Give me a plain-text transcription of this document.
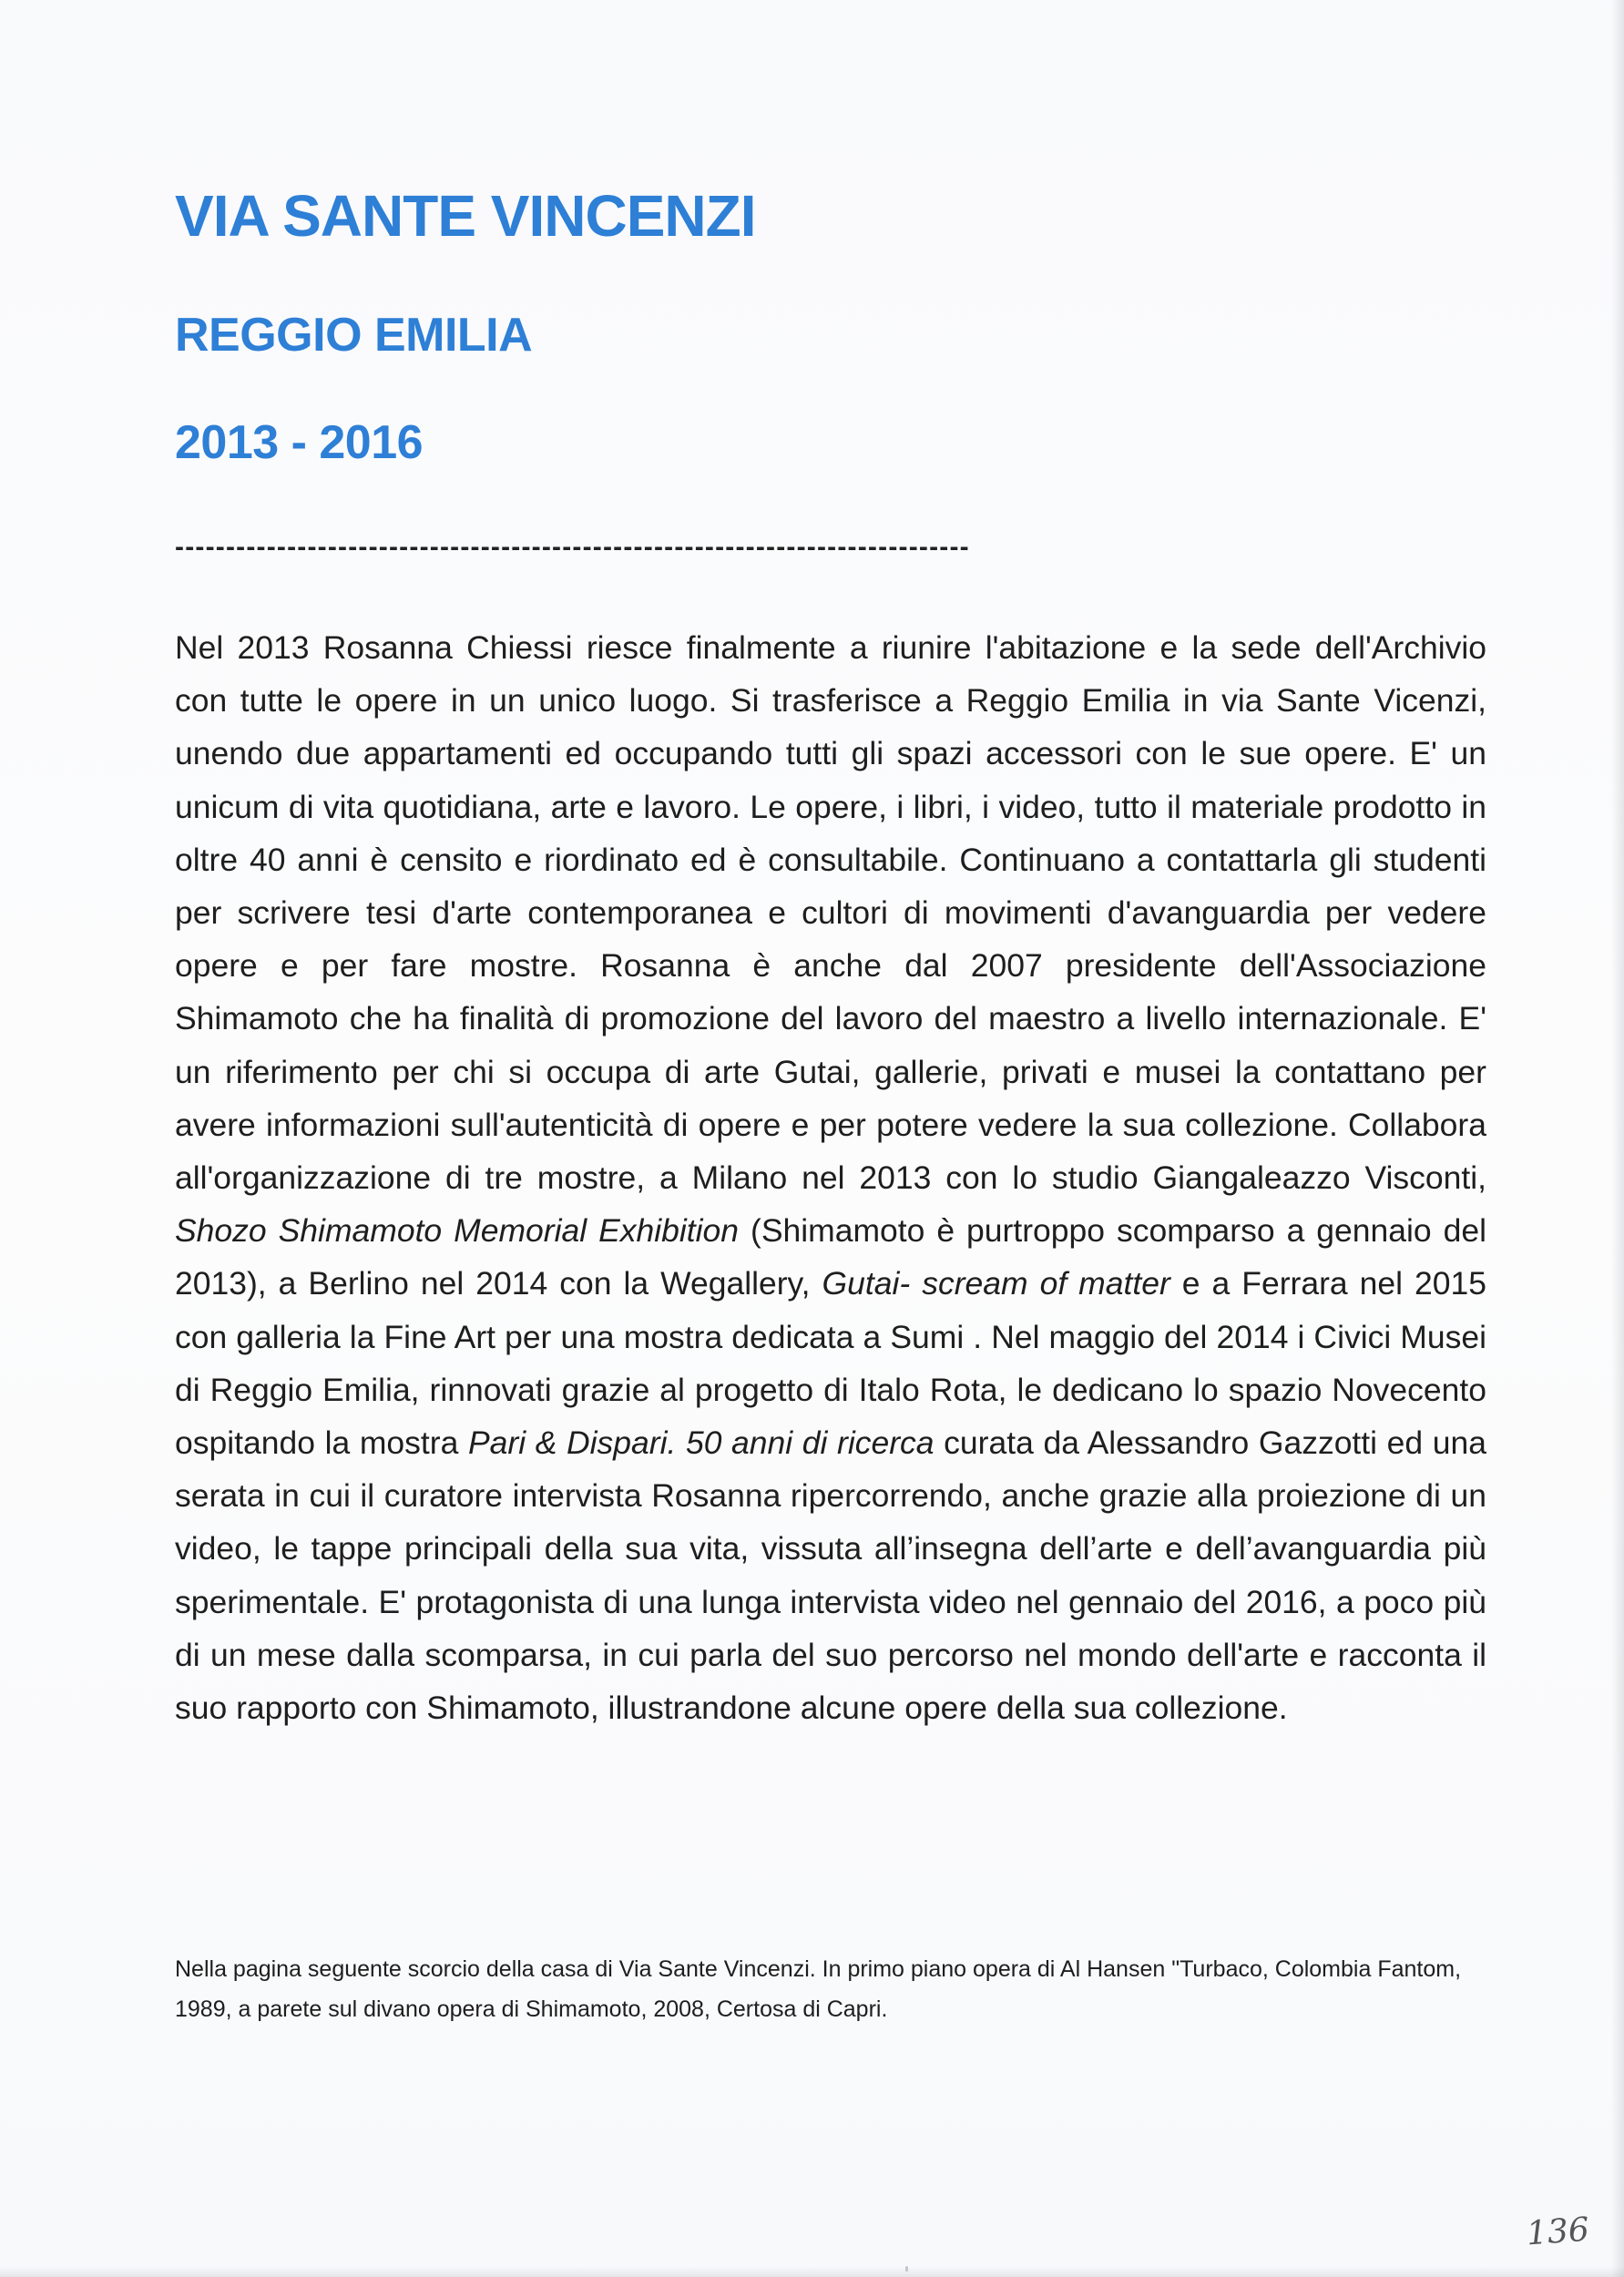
VIA SANTE VINCENZI
REGGIO EMILIA
2013 - 2016
------------------------------------------------------------------------------

Nel 2013 Rosanna Chiessi riesce finalmente a riunire l'abitazione e la sede dell'Archivio con tutte le opere in un unico luogo. Si trasferisce a Reggio Emilia in via Sante Vicenzi, unendo due appartamenti ed occupando tutti gli spazi accessori con le sue opere. E' un unicum di vita quotidiana, arte e lavoro. Le opere, i libri, i video, tutto il materiale prodotto in oltre 40 anni è censito e riordinato ed è consultabile. Continuano a contattarla gli studenti per scrivere tesi d'arte contemporanea e cultori di movimenti d'avanguardia per vedere opere e per fare mostre. Rosanna è anche dal 2007 presidente dell'Associazione Shimamoto che ha finalità di promozione del lavoro del maestro a livello internazionale. E' un riferimento per chi si occupa di arte Gutai, gallerie, privati e musei la contattano per avere informazioni sull'autenticità di opere e per potere vedere la sua collezione. Collabora all'organizzazione di tre mostre, a Milano nel 2013 con lo studio Giangaleazzo Visconti, Shozo Shimamoto Memorial Exhibition (Shimamoto è purtroppo scomparso a gennaio del 2013), a Berlino nel 2014 con la Wegallery, Gutai- scream of matter e a Ferrara nel 2015 con galleria la Fine Art per una mostra dedicata a Sumi . Nel maggio del 2014 i Civici Musei di Reggio Emilia, rinnovati grazie al progetto di Italo Rota, le dedicano lo spazio Novecento ospitando la mostra Pari & Dispari. 50 anni di ricerca curata da Alessandro Gazzotti ed una serata in cui il curatore intervista Rosanna ripercorrendo, anche grazie alla proiezione di un video, le tappe principali della sua vita, vissuta all’insegna dell’arte e dell’avanguardia più sperimentale. E' protagonista di una lunga intervista video nel gennaio del 2016, a poco più di un mese dalla scomparsa, in cui parla del suo percorso nel mondo dell'arte e racconta il suo rapporto con Shimamoto, illustrandone alcune opere della sua collezione.

Nella pagina seguente scorcio della casa di Via Sante Vincenzi. In primo piano opera di Al Hansen "Turbaco, Colombia Fantom, 1989, a parete sul divano opera di Shimamoto, 2008, Certosa di Capri.

136
